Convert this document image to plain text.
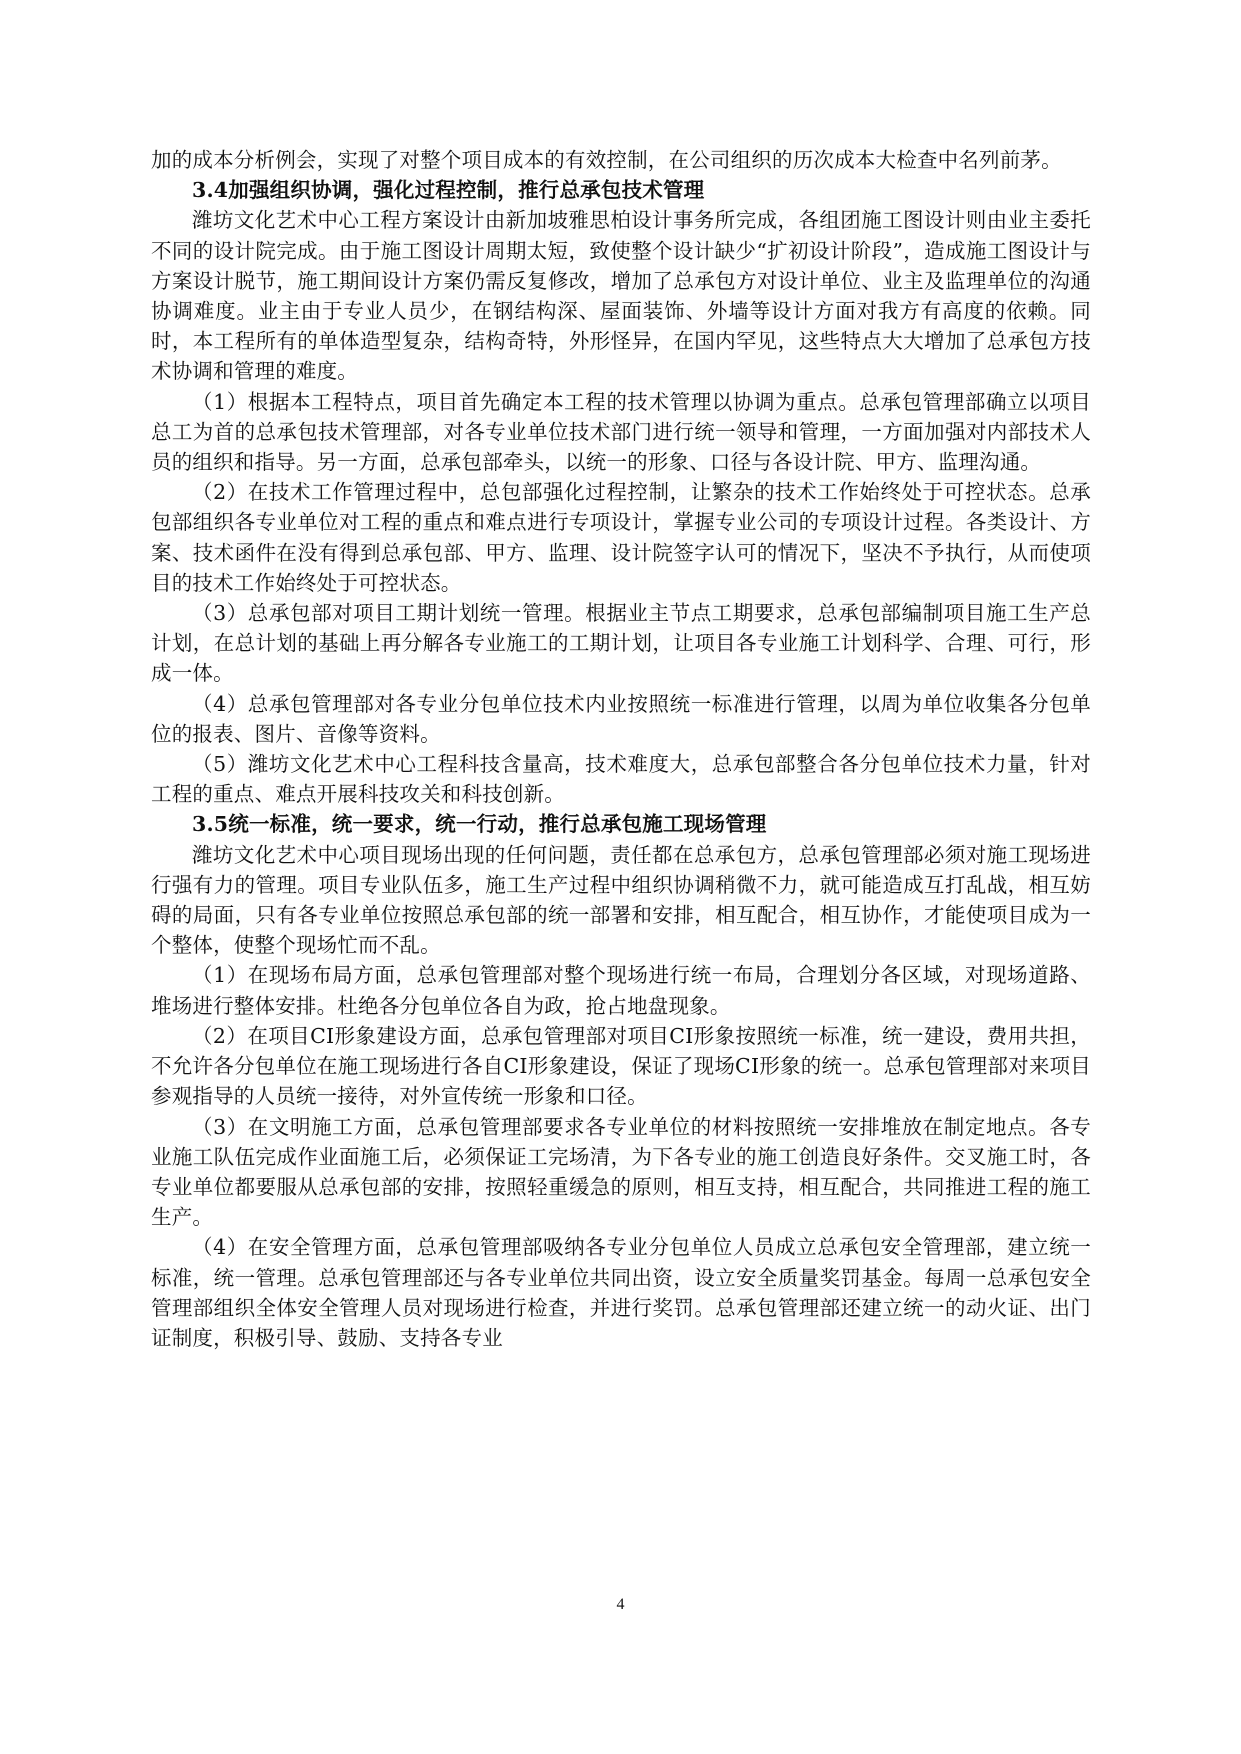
加的成本分析例会，实现了对整个项目成本的有效控制，在公司组织的历次成本大检查中名列前茅。

3.4加强组织协调，强化过程控制，推行总承包技术管理

潍坊文化艺术中心工程方案设计由新加坡雅思柏设计事务所完成，各组团施工图设计则由业主委托不同的设计院完成。由于施工图设计周期太短，致使整个设计缺少“扩初设计阶段”，造成施工图设计与方案设计脱节，施工期间设计方案仍需反复修改，增加了总承包方对设计单位、业主及监理单位的沟通协调难度。业主由于专业人员少，在钢结构深、屋面装饰、外墙等设计方面对我方有高度的依赖。同时，本工程所有的单体造型复杂，结构奇特，外形怪异，在国内罕见，这些特点大大增加了总承包方技术协调和管理的难度。

（1）根据本工程特点，项目首先确定本工程的技术管理以协调为重点。总承包管理部确立以项目总工为首的总承包技术管理部，对各专业单位技术部门进行统一领导和管理，一方面加强对内部技术人员的组织和指导。另一方面，总承包部牵头，以统一的形象、口径与各设计院、甲方、监理沟通。

（2）在技术工作管理过程中，总包部强化过程控制，让繁杂的技术工作始终处于可控状态。总承包部组织各专业单位对工程的重点和难点进行专项设计，掌握专业公司的专项设计过程。各类设计、方案、技术函件在没有得到总承包部、甲方、监理、设计院签字认可的情况下，坚决不予执行，从而使项目的技术工作始终处于可控状态。

（3）总承包部对项目工期计划统一管理。根据业主节点工期要求，总承包部编制项目施工生产总计划，在总计划的基础上再分解各专业施工的工期计划，让项目各专业施工计划科学、合理、可行，形成一体。

（4）总承包管理部对各专业分包单位技术内业按照统一标准进行管理，以周为单位收集各分包单位的报表、图片、音像等资料。

（5）潍坊文化艺术中心工程科技含量高，技术难度大，总承包部整合各分包单位技术力量，针对工程的重点、难点开展科技攻关和科技创新。

3.5统一标准，统一要求，统一行动，推行总承包施工现场管理

潍坊文化艺术中心项目现场出现的任何问题，责任都在总承包方，总承包管理部必须对施工现场进行强有力的管理。项目专业队伍多，施工生产过程中组织协调稍微不力，就可能造成互打乱战，相互妨碍的局面，只有各专业单位按照总承包部的统一部署和安排，相互配合，相互协作，才能使项目成为一个整体，使整个现场忙而不乱。

（1）在现场布局方面，总承包管理部对整个现场进行统一布局，合理划分各区域，对现场道路、堆场进行整体安排。杜绝各分包单位各自为政，抢占地盘现象。

（2）在项目CI形象建设方面，总承包管理部对项目CI形象按照统一标准，统一建设，费用共担，不允许各分包单位在施工现场进行各自CI形象建设，保证了现场CI形象的统一。总承包管理部对来项目参观指导的人员统一接待，对外宣传统一形象和口径。

（3）在文明施工方面，总承包管理部要求各专业单位的材料按照统一安排堆放在制定地点。各专业施工队伍完成作业面施工后，必须保证工完场清，为下各专业的施工创造良好条件。交叉施工时，各专业单位都要服从总承包部的安排，按照轻重缓急的原则，相互支持，相互配合，共同推进工程的施工生产。

（4）在安全管理方面，总承包管理部吸纳各专业分包单位人员成立总承包安全管理部，建立统一标准，统一管理。总承包管理部还与各专业单位共同出资，设立安全质量奖罚基金。每周一总承包安全管理部组织全体安全管理人员对现场进行检查，并进行奖罚。总承包管理部还建立统一的动火证、出门证制度，积极引导、鼓励、支持各专业

4
